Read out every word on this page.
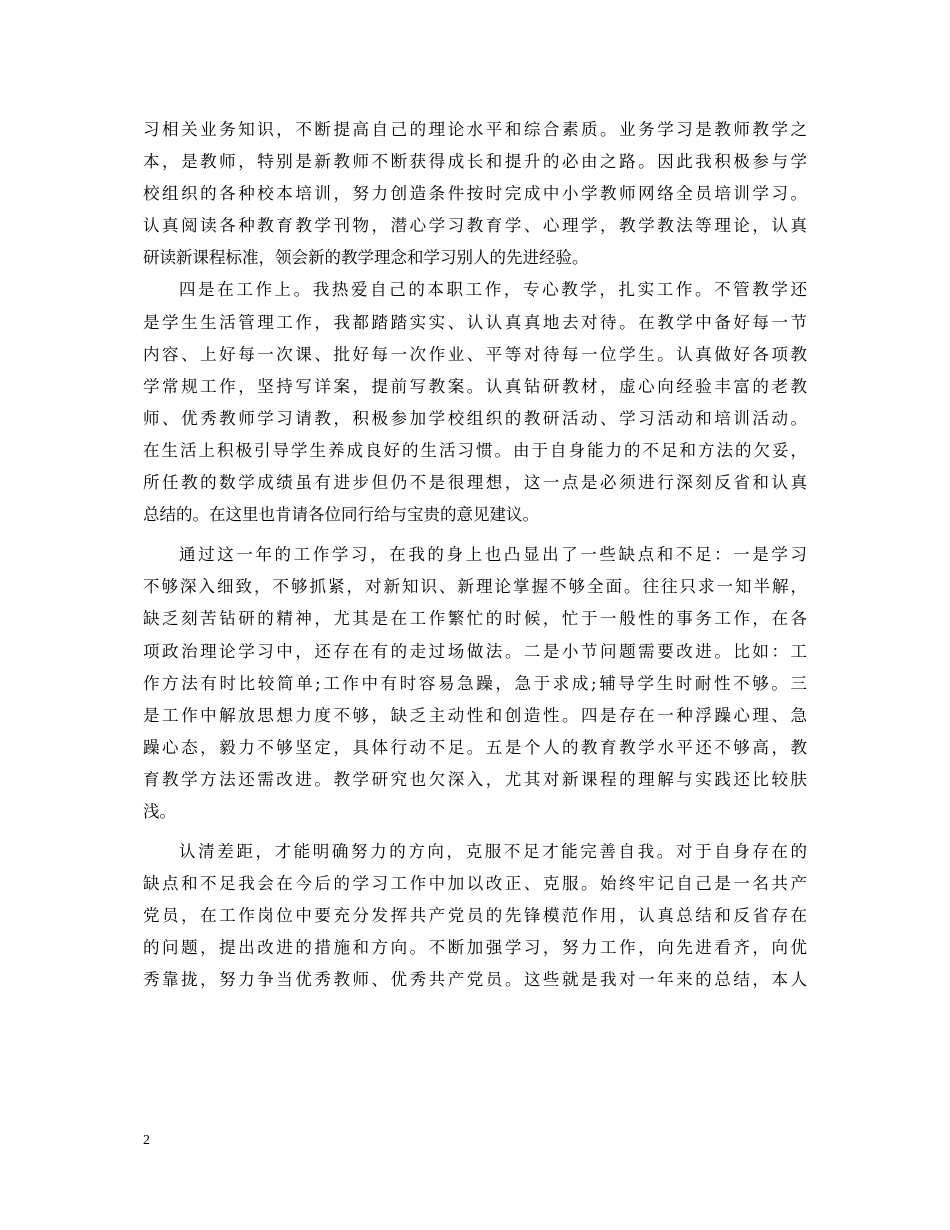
习相关业务知识，不断提高自己的理论水平和综合素质。业务学习是教师教学之
本，是教师，特别是新教师不断获得成长和提升的必由之路。因此我积极参与学
校组织的各种校本培训，努力创造条件按时完成中小学教师网络全员培训学习。
认真阅读各种教育教学刊物，潜心学习教育学、心理学，教学教法等理论，认真
研读新课程标准，领会新的教学理念和学习别人的先进经验。
四是在工作上。我热爱自己的本职工作，专心教学，扎实工作。不管教学还
是学生生活管理工作，我都踏踏实实、认认真真地去对待。在教学中备好每一节
内容、上好每一次课、批好每一次作业、平等对待每一位学生。认真做好各项教
学常规工作，坚持写详案，提前写教案。认真钻研教材，虚心向经验丰富的老教
师、优秀教师学习请教，积极参加学校组织的教研活动、学习活动和培训活动。
在生活上积极引导学生养成良好的生活习惯。由于自身能力的不足和方法的欠妥，
所任教的数学成绩虽有进步但仍不是很理想，这一点是必须进行深刻反省和认真
总结的。在这里也肯请各位同行给与宝贵的意见建议。
通过这一年的工作学习，在我的身上也凸显出了一些缺点和不足：一是学习
不够深入细致，不够抓紧，对新知识、新理论掌握不够全面。往往只求一知半解，
缺乏刻苦钻研的精神，尤其是在工作繁忙的时候，忙于一般性的事务工作，在各
项政治理论学习中，还存在有的走过场做法。二是小节问题需要改进。比如：工
作方法有时比较简单;工作中有时容易急躁，急于求成;辅导学生时耐性不够。三
是工作中解放思想力度不够，缺乏主动性和创造性。四是存在一种浮躁心理、急
躁心态，毅力不够坚定，具体行动不足。五是个人的教育教学水平还不够高，教
育教学方法还需改进。教学研究也欠深入，尤其对新课程的理解与实践还比较肤
浅。
认清差距，才能明确努力的方向，克服不足才能完善自我。对于自身存在的
缺点和不足我会在今后的学习工作中加以改正、克服。始终牢记自己是一名共产
党员，在工作岗位中要充分发挥共产党员的先锋模范作用，认真总结和反省存在
的问题，提出改进的措施和方向。不断加强学习，努力工作，向先进看齐，向优
秀靠拢，努力争当优秀教师、优秀共产党员。这些就是我对一年来的总结，本人
2
